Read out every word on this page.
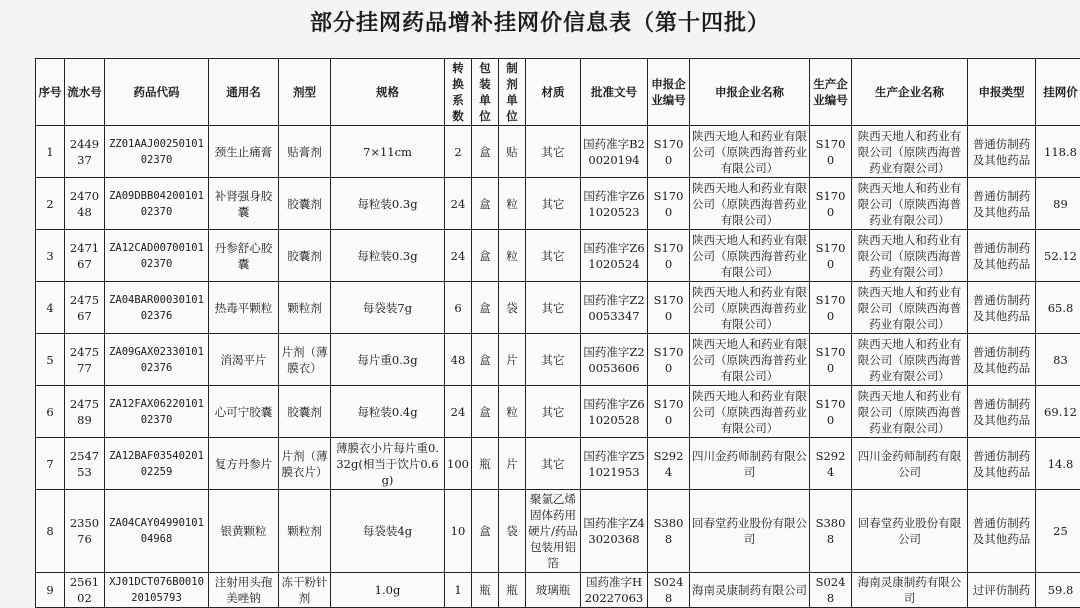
部分挂网药品增补挂网价信息表（第十四批）
序号	流水号	药品代码	通用名	剂型	规格	转换系数	包装单位	制剂单位	材质	批准文号	申报企业编号	申报企业名称	生产企业编号	生产企业名称	申报类型	挂网价
1	244937	ZZ01AAJ0025010102370	颈生止痛膏	贴膏剂	7×11cm	2	盒	贴	其它	国药准字B20020194	S1700	陕西天地人和药业有限公司（原陕西海普药业有限公司）	S1700	陕西天地人和药业有限公司（原陕西海普药业有限公司）	普通仿制药及其他药品	118.8
2	247048	ZA09DBB0420010102370	补肾强身胶囊	胶囊剂	每粒装0.3g	24	盒	粒	其它	国药准字Z61020523	S1700	陕西天地人和药业有限公司（原陕西海普药业有限公司）	S1700	陕西天地人和药业有限公司（原陕西海普药业有限公司）	普通仿制药及其他药品	89
3	247167	ZA12CAD0070010102370	丹参舒心胶囊	胶囊剂	每粒装0.3g	24	盒	粒	其它	国药准字Z61020524	S1700	陕西天地人和药业有限公司（原陕西海普药业有限公司）	S1700	陕西天地人和药业有限公司（原陕西海普药业有限公司）	普通仿制药及其他药品	52.12
4	247567	ZA04BAR0003010102376	热毒平颗粒	颗粒剂	每袋装7g	6	盒	袋	其它	国药准字Z20053347	S1700	陕西天地人和药业有限公司（原陕西海普药业有限公司）	S1700	陕西天地人和药业有限公司（原陕西海普药业有限公司）	普通仿制药及其他药品	65.8
5	247577	ZA09GAX0233010102376	消渴平片	片剂（薄膜衣）	每片重0.3g	48	盒	片	其它	国药准字Z20053606	S1700	陕西天地人和药业有限公司（原陕西海普药业有限公司）	S1700	陕西天地人和药业有限公司（原陕西海普药业有限公司）	普通仿制药及其他药品	83
6	247589	ZA12FAX0622010102370	心可宁胶囊	胶囊剂	每粒装0.4g	24	盒	粒	其它	国药准字Z61020528	S1700	陕西天地人和药业有限公司（原陕西海普药业有限公司）	S1700	陕西天地人和药业有限公司（原陕西海普药业有限公司）	普通仿制药及其他药品	69.12
7	254753	ZA12BAF0354020102259	复方丹参片	片剂（薄膜衣片）	薄膜衣小片每片重0.32g(相当于饮片0.6g)	100	瓶	片	其它	国药准字Z51021953	S2924	四川金药师制药有限公司	S2924	四川金药师制药有限公司	普通仿制药及其他药品	14.8
8	235076	ZA04CAY0499010104968	银黄颗粒	颗粒剂	每袋装4g	10	盒	袋	聚氯乙烯固体药用硬片/药品包装用铝箔	国药准字Z43020368	S3808	回春堂药业股份有限公司	S3808	回春堂药业股份有限公司	普通仿制药及其他药品	25
9	256102	XJ01DCT076B001020105793	注射用头孢美唑钠	冻干粉针剂	1.0g	1	瓶	瓶	玻璃瓶	国药准字H20227063	S0248	海南灵康制药有限公司	S0248	海南灵康制药有限公司	过评仿制药	59.8
